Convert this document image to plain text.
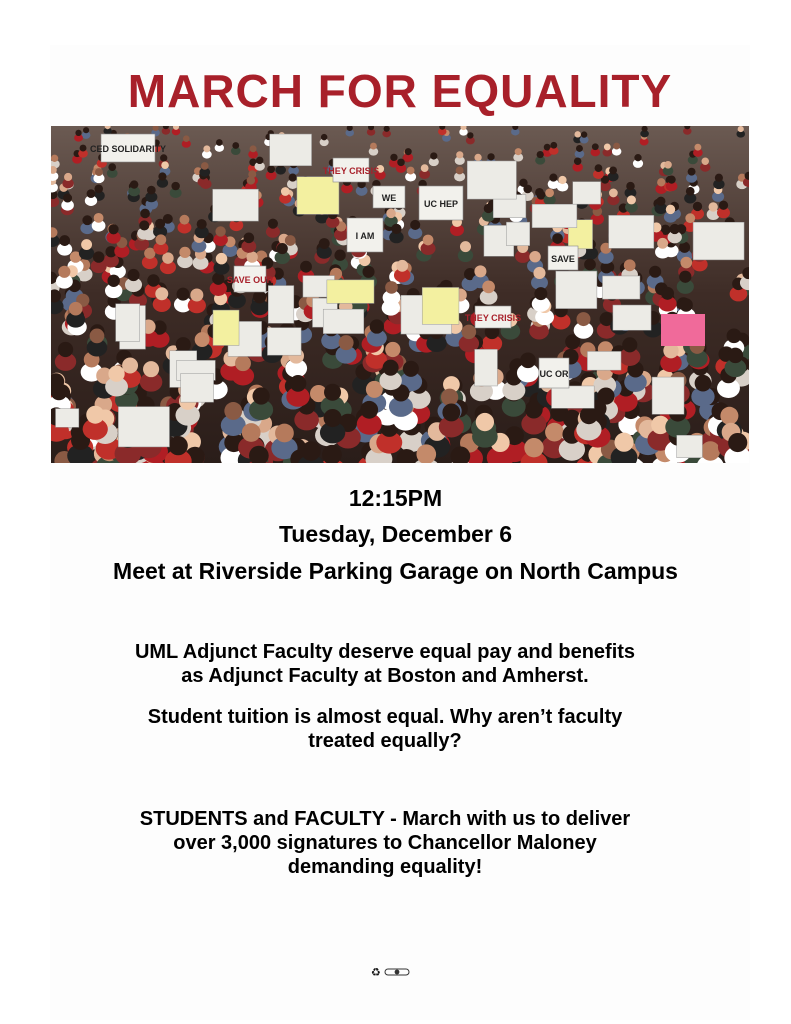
MARCH FOR EQUALITY
CED SOLIDARITY
THEY CRISIS
WE
UC HEP
SAVE OUR
I AM
SAVE
THEY CRISIS
UC OR
12:15PM
Tuesday, December 6
Meet at Riverside Parking Garage on North Campus
UML Adjunct Faculty deserve equal pay and benefits
as Adjunct Faculty at Boston and Amherst.
Student tuition is almost equal. Why aren’t faculty
treated equally?
STUDENTS and FACULTY - March with us to deliver
over 3,000 signatures to Chancellor Maloney
demanding equality!
♻
